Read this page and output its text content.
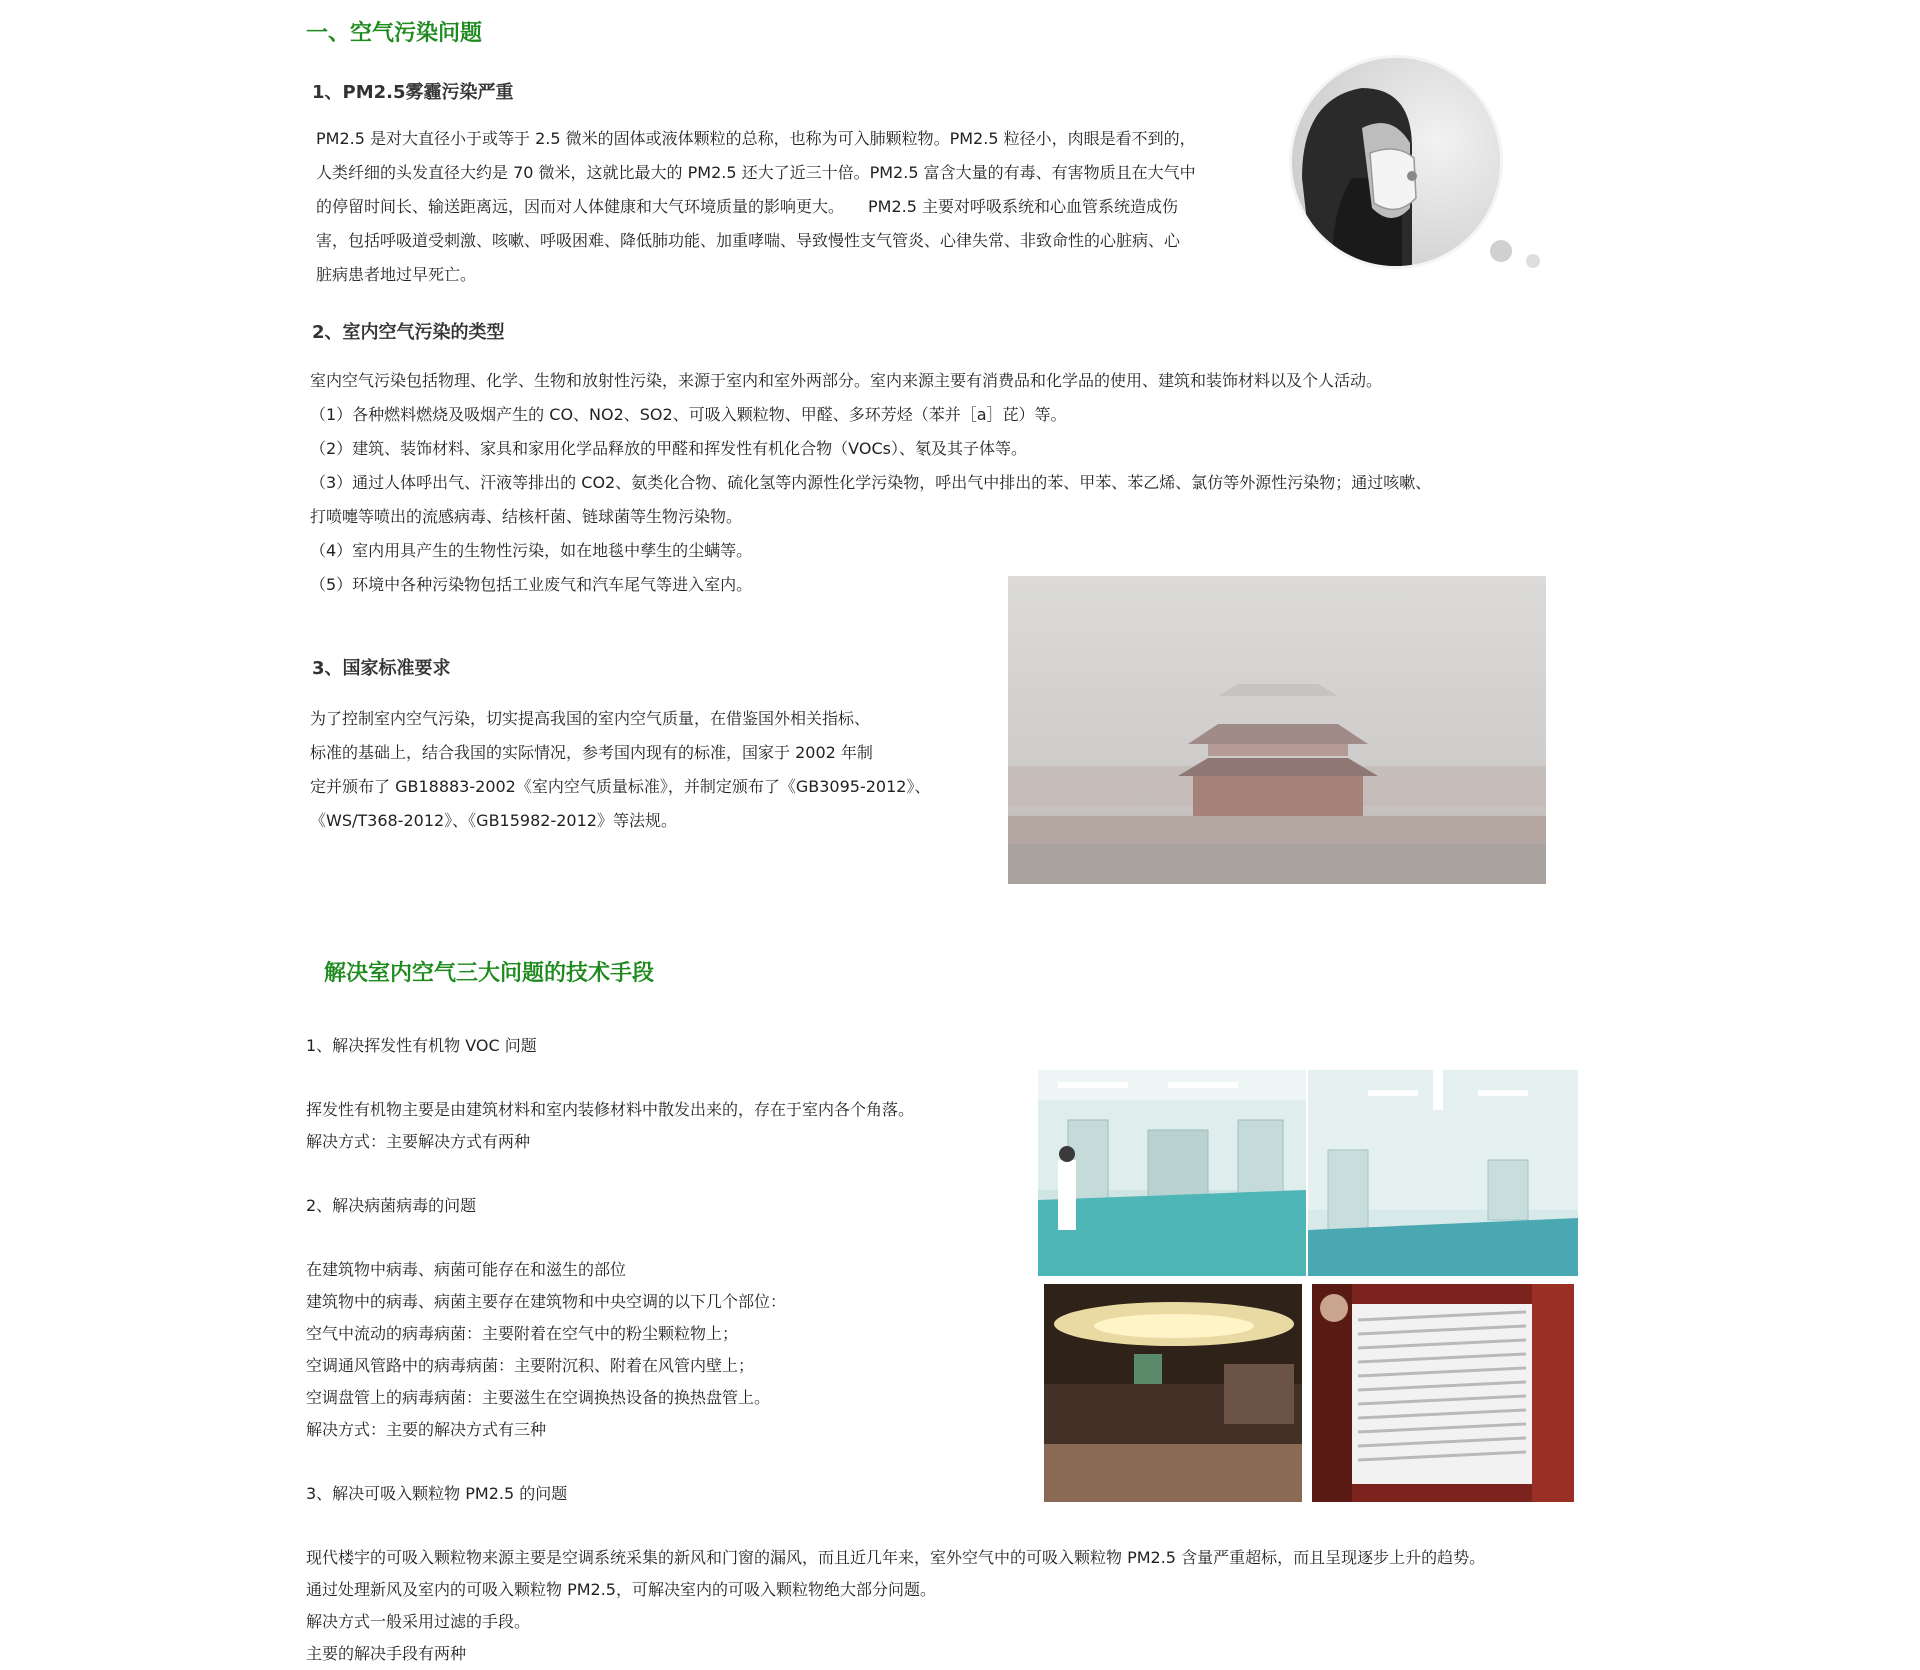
一、空气污染问题
1、PM2.5雾霾污染严重

PM2.5 是对大直径小于或等于 2.5 微米的固体或液体颗粒的总称，也称为可入肺颗粒物。PM2.5 粒径小，肉眼是看不到的，

人类纤细的头发直径大约是 70 微米，这就比最大的 PM2.5 还大了近三十倍。PM2.5 富含大量的有毒、有害物质且在大气中

的停留时间长、输送距离远，因而对人体健康和大气环境质量的影响更大。　　PM2.5 主要对呼吸系统和心血管系统造成伤

害，包括呼吸道受刺激、咳嗽、呼吸困难、降低肺功能、加重哮喘、导致慢性支气管炎、心律失常、非致命性的心脏病、心

脏病患者地过早死亡。

2、室内空气污染的类型

室内空气污染包括物理、化学、生物和放射性污染，来源于室内和室外两部分。室内来源主要有消费品和化学品的使用、建筑和装饰材料以及个人活动。

（1）各种燃料燃烧及吸烟产生的 CO、NO2、SO2、可吸入颗粒物、甲醛、多环芳烃（苯并［a］芘）等。

（2）建筑、装饰材料、家具和家用化学品释放的甲醛和挥发性有机化合物（VOCs）、氡及其子体等。

（3）通过人体呼出气、汗液等排出的 CO2、氨类化合物、硫化氢等内源性化学污染物，呼出气中排出的苯、甲苯、苯乙烯、氯仿等外源性污染物；通过咳嗽、

打喷嚏等喷出的流感病毒、结核杆菌、链球菌等生物污染物。

（4）室内用具产生的生物性污染，如在地毯中孳生的尘螨等。

（5）环境中各种污染物包括工业废气和汽车尾气等进入室内。

3、国家标准要求

为了控制室内空气污染，切实提高我国的室内空气质量，在借鉴国外相关指标、

标准的基础上，结合我国的实际情况，参考国内现有的标准，国家于 2002 年制

定并颁布了 GB18883-2002《室内空气质量标准》，并制定颁布了《GB3095-2012》、

《WS/T368-2012》、《GB15982-2012》等法规。

解决室内空气三大问题的技术手段

1、解决挥发性有机物 VOC 问题

挥发性有机物主要是由建筑材料和室内装修材料中散发出来的，存在于室内各个角落。

解决方式：主要解决方式有两种

2、解决病菌病毒的问题

在建筑物中病毒、病菌可能存在和滋生的部位

建筑物中的病毒、病菌主要存在建筑物和中央空调的以下几个部位：

空气中流动的病毒病菌：主要附着在空气中的粉尘颗粒物上；

空调通风管路中的病毒病菌：主要附沉积、附着在风管内壁上；

空调盘管上的病毒病菌：主要滋生在空调换热设备的换热盘管上。

解决方式：主要的解决方式有三种

3、解决可吸入颗粒物 PM2.5 的问题

现代楼宇的可吸入颗粒物来源主要是空调系统采集的新风和门窗的漏风，而且近几年来，室外空气中的可吸入颗粒物 PM2.5 含量严重超标，而且呈现逐步上升的趋势。

通过处理新风及室内的可吸入颗粒物 PM2.5，可解决室内的可吸入颗粒物绝大部分问题。

解决方式一般采用过滤的手段。

主要的解决手段有两种
